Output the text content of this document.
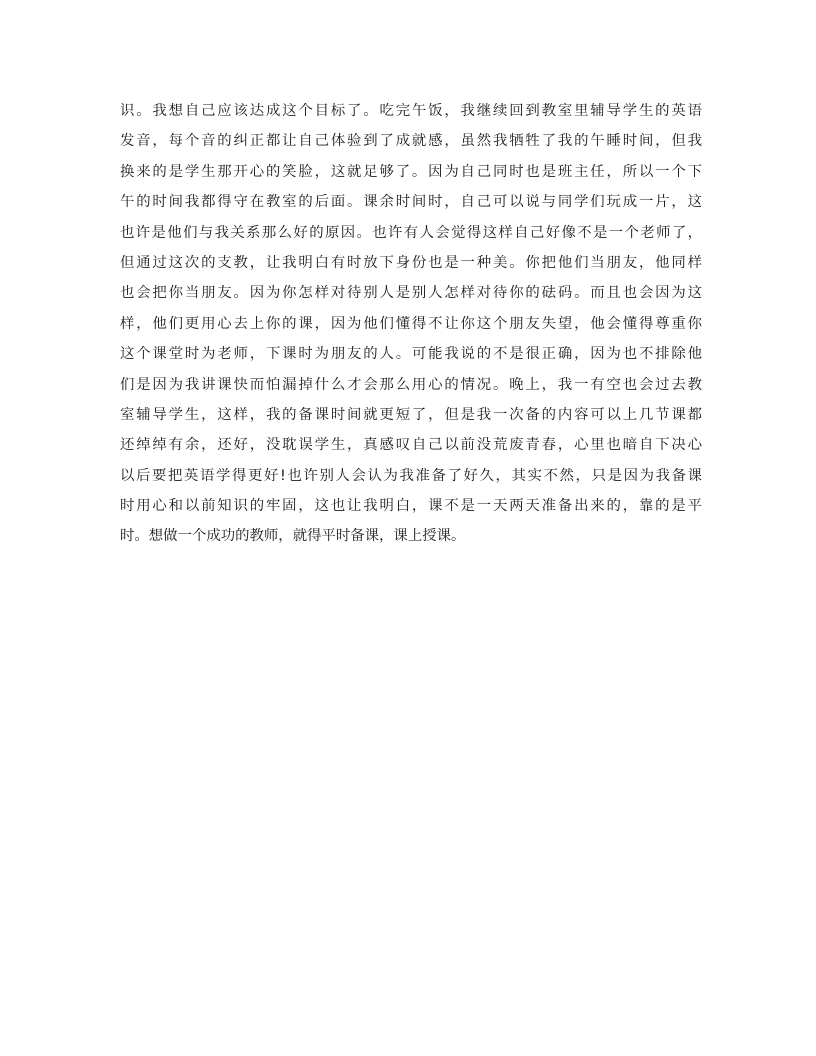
识。我想自己应该达成这个目标了。吃完午饭，我继续回到教室里辅导学生的英语
发音，每个音的纠正都让自己体验到了成就感，虽然我牺牲了我的午睡时间，但我
换来的是学生那开心的笑脸，这就足够了。因为自己同时也是班主任，所以一个下
午的时间我都得守在教室的后面。课余时间时，自己可以说与同学们玩成一片，这
也许是他们与我关系那么好的原因。也许有人会觉得这样自己好像不是一个老师了，
但通过这次的支教，让我明白有时放下身份也是一种美。你把他们当朋友，他同样
也会把你当朋友。因为你怎样对待别人是别人怎样对待你的砝码。而且也会因为这
样，他们更用心去上你的课，因为他们懂得不让你这个朋友失望，他会懂得尊重你
这个课堂时为老师，下课时为朋友的人。可能我说的不是很正确，因为也不排除他
们是因为我讲课快而怕漏掉什么才会那么用心的情况。晚上，我一有空也会过去教
室辅导学生，这样，我的备课时间就更短了，但是我一次备的内容可以上几节课都
还绰绰有余，还好，没耽误学生，真感叹自己以前没荒废青春，心里也暗自下决心
以后要把英语学得更好!也许别人会认为我准备了好久，其实不然，只是因为我备课
时用心和以前知识的牢固，这也让我明白，课不是一天两天准备出来的，靠的是平
时。想做一个成功的教师，就得平时备课，课上授课。
